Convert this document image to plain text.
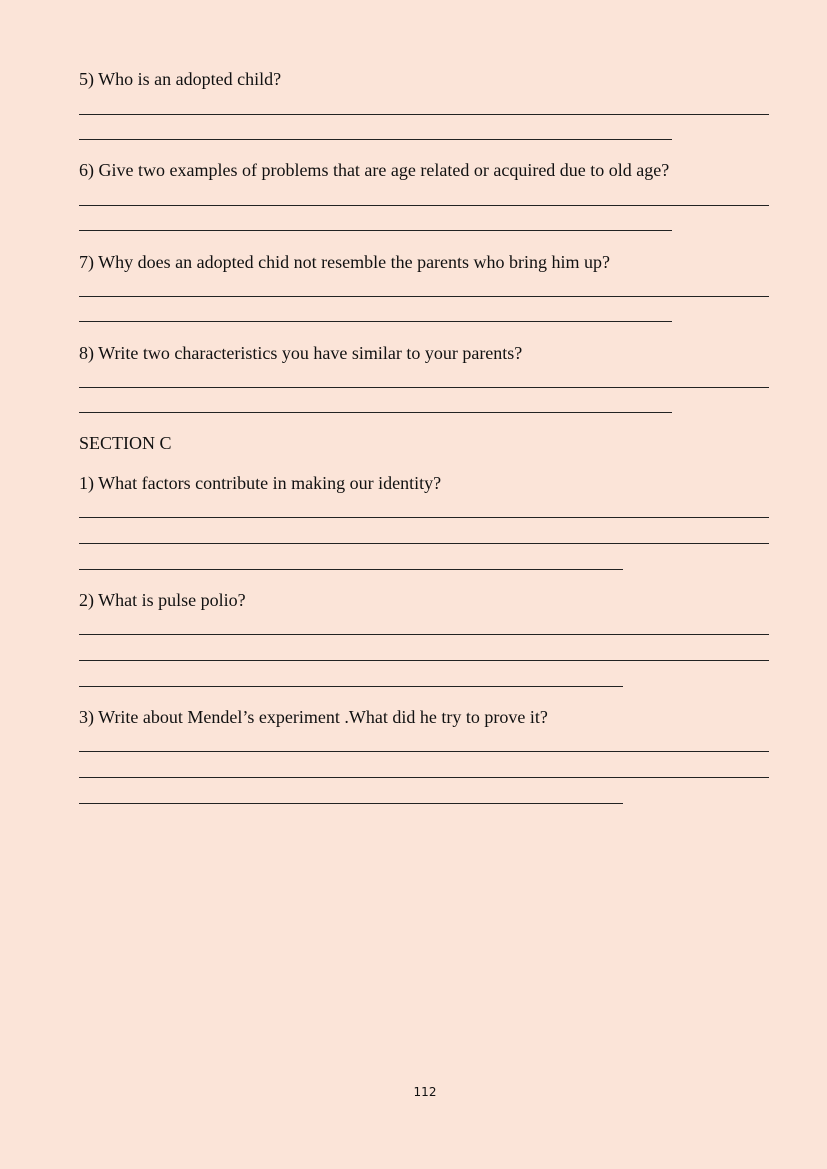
5) Who is an adopted child?
6) Give two examples of problems that are age related or acquired due to old age?
7) Why does an adopted chid not resemble the parents who bring him up?
8) Write two characteristics you have similar to your parents?
SECTION C
1) What factors contribute in making our identity?
2) What is pulse polio?
3) Write about Mendel’s experiment .What did he try to prove it?
112
